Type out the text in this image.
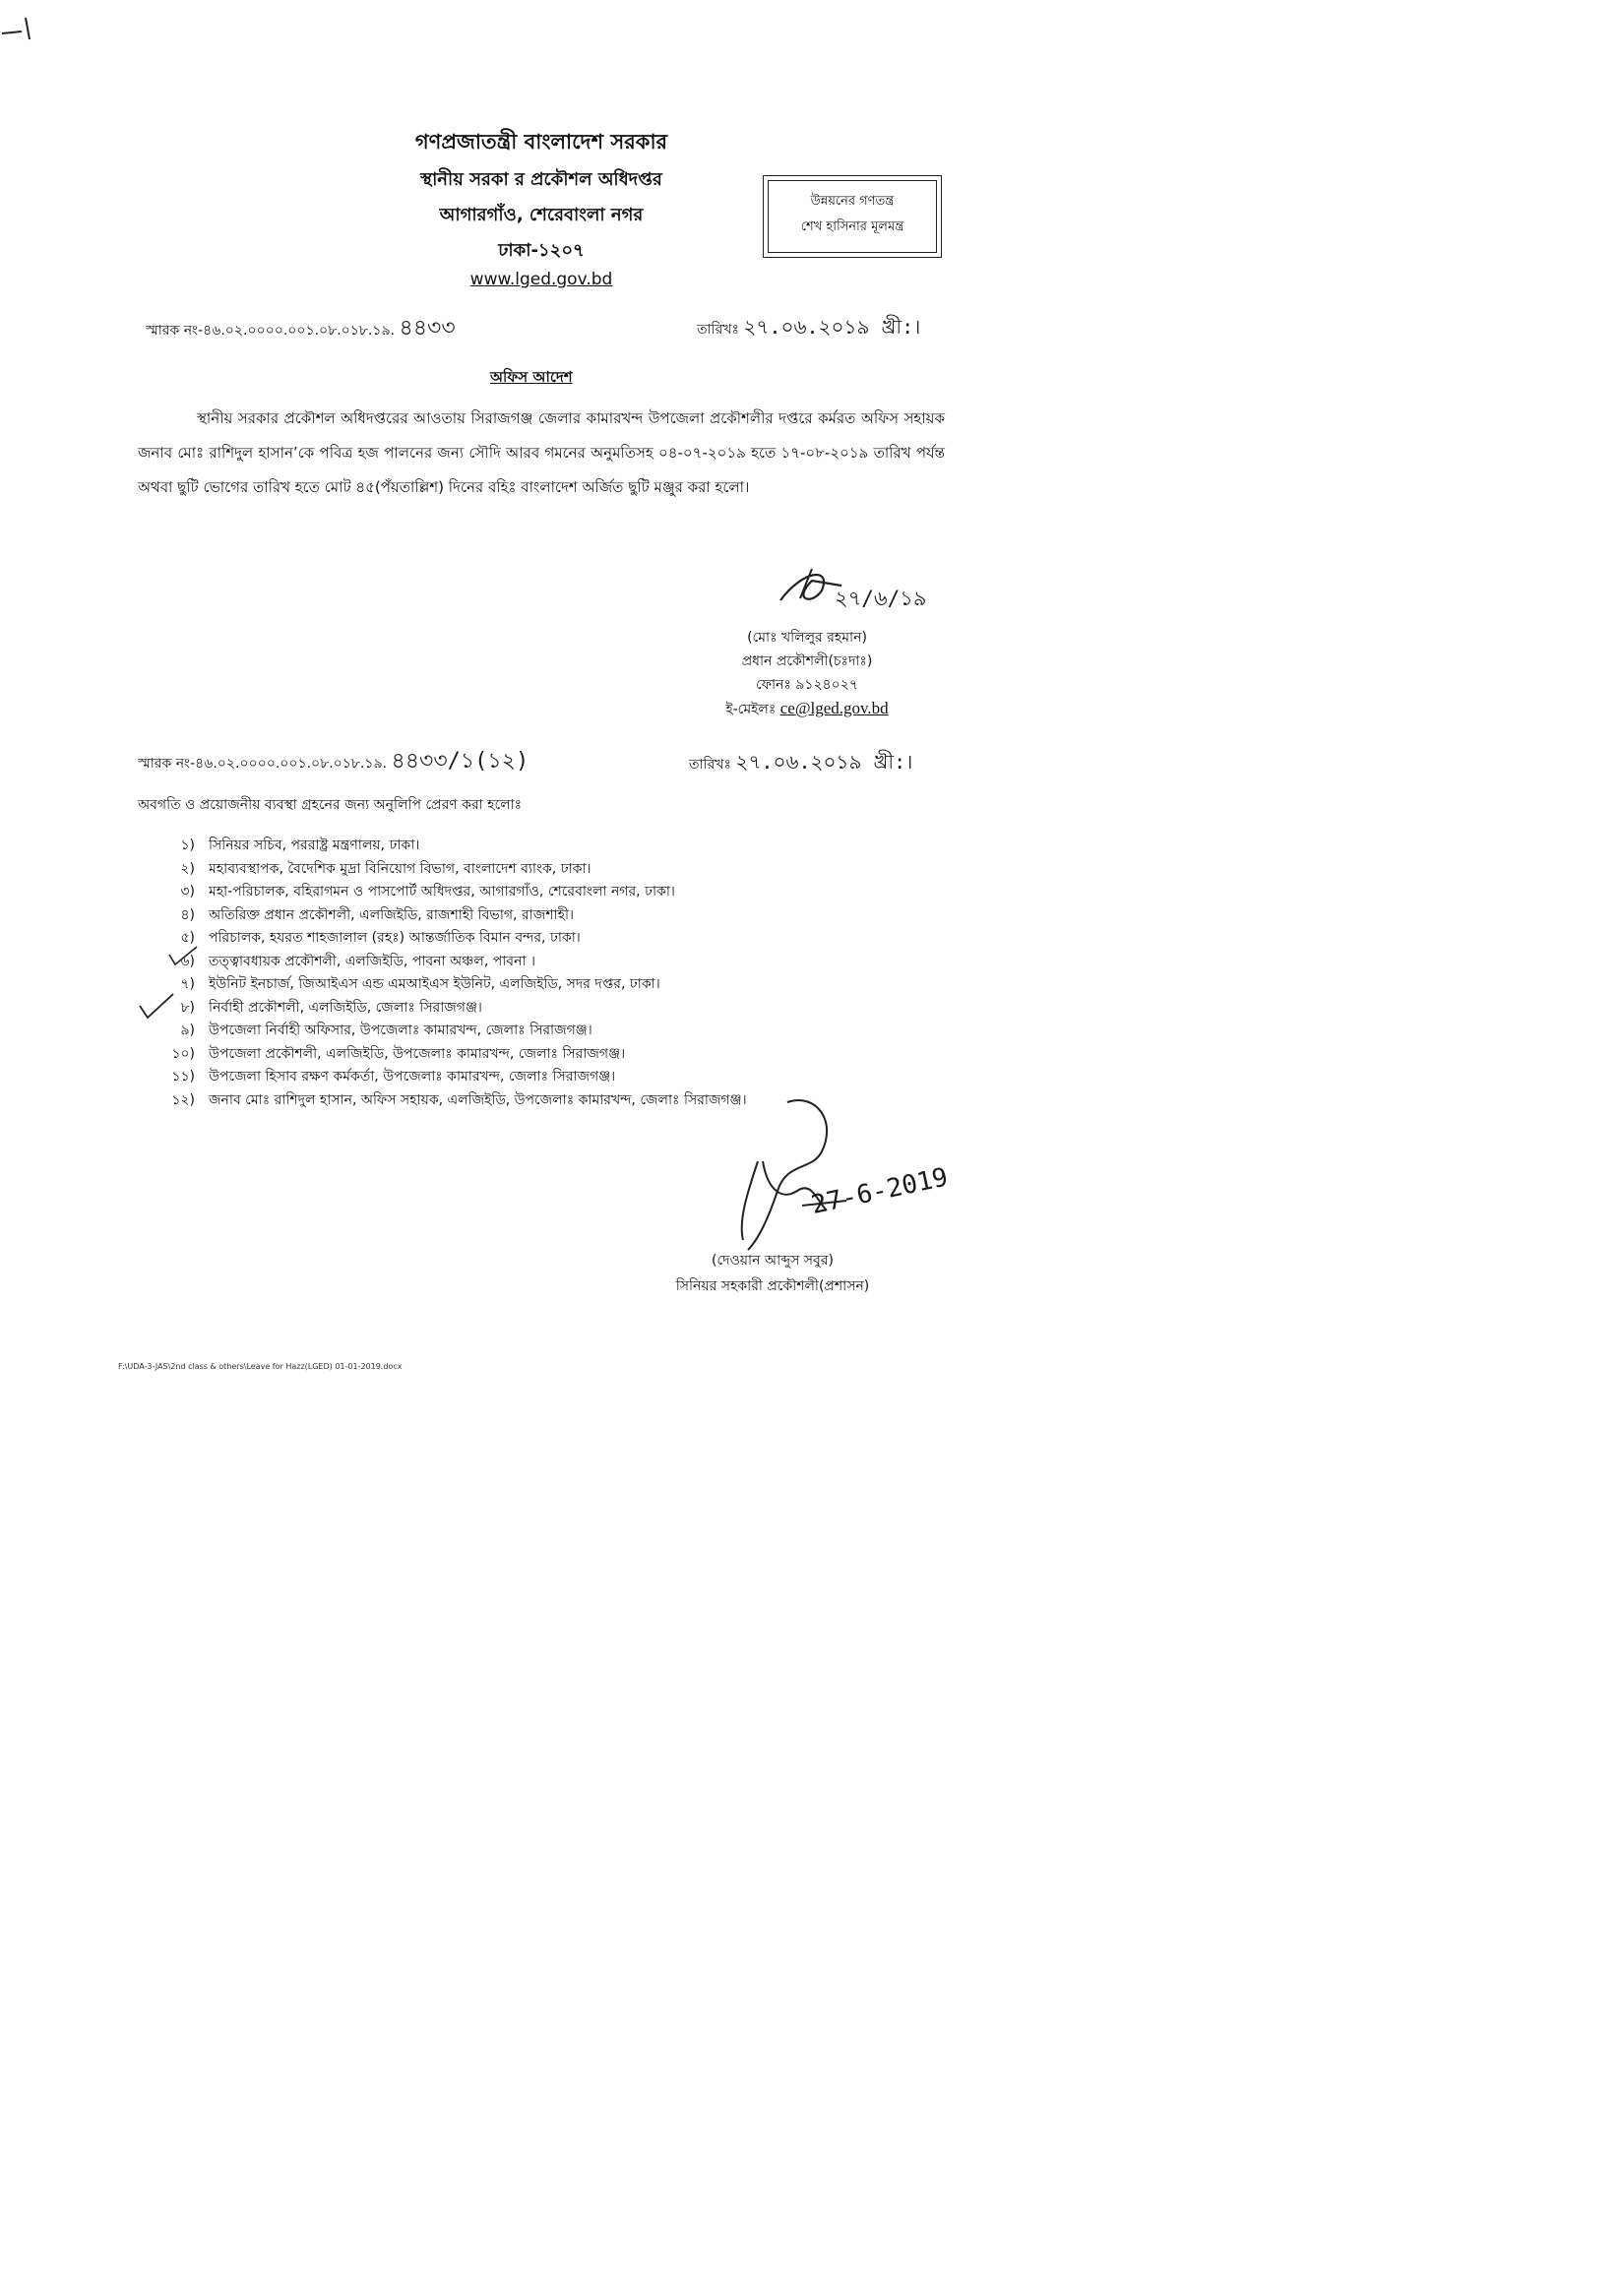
গণপ্রজাতন্ত্রী বাংলাদেশ সরকার
স্থানীয় সরকা র প্রকৌশল অধিদপ্তর
আগারগাঁও, শেরেবাংলা নগর
ঢাকা-১২০৭
www.lged.gov.bd
উন্নয়নের গণতন্ত্র
শেখ হাসিনার মূলমন্ত্র
স্মারক নং-৪৬.০২.০০০০.০০১.০৮.০১৮.১৯. ৪৪৩৩	তারিখঃ ২৭.০৬.২০১৯ খ্রী:।
অফিস আদেশ
স্থানীয় সরকার প্রকৌশল অধিদপ্তরের আওতায় সিরাজগঞ্জ জেলার কামারখন্দ উপজেলা প্রকৌশলীর দপ্তরে কর্মরত অফিস সহায়ক জনাব মোঃ রাশিদুল হাসান’কে পবিত্র হজ পালনের জন্য সৌদি আরব গমনের অনুমতিসহ ০৪-০৭-২০১৯ হতে ১৭-০৮-২০১৯ তারিখ পর্যন্ত অথবা ছুটি ভোগের তারিখ হতে মোট ৪৫(পঁয়তাল্লিশ) দিনের বহিঃ বাংলাদেশ অর্জিত ছুটি মঞ্জুর করা হলো।
২৭/৬/১৯
(মোঃ খলিলুর রহমান)
প্রধান প্রকৌশলী(চঃদাঃ)
ফোনঃ ৯১২৪০২৭
ই-মেইলঃ ce@lged.gov.bd
স্মারক নং-৪৬.০২.০০০০.০০১.০৮.০১৮.১৯. ৪৪৩৩/১(১২)	তারিখঃ ২৭.০৬.২০১৯ খ্রী:।
অবগতি ও প্রয়োজনীয় ব্যবস্থা গ্রহনের জন্য অনুলিপি প্রেরণ করা হলোঃ
১)	সিনিয়র সচিব, পররাষ্ট্র মন্ত্রণালয়, ঢাকা।
২)	মহাব্যবস্থাপক, বৈদেশিক মুদ্রা বিনিয়োগ বিভাগ, বাংলাদেশ ব্যাংক, ঢাকা।
৩)	মহা-পরিচালক, বহিরাগমন ও পাসপোর্ট অধিদপ্তর, আগারগাঁও, শেরেবাংলা নগর, ঢাকা।
৪)	অতিরিক্ত প্রধান প্রকৌশলী, এলজিইডি, রাজশাহী বিভাগ, রাজশাহী।
৫)	পরিচালক, হযরত শাহজালাল (রহঃ) আন্তর্জাতিক বিমান বন্দর, ঢাকা।
৬)	তত্ত্বাবধায়ক প্রকৌশলী, এলজিইডি, পাবনা অঞ্চল, পাবনা ।
৭)	ইউনিট ইনচার্জ, জিআইএস এন্ড এমআইএস ইউনিট, এলজিইডি, সদর দপ্তর, ঢাকা।
৮)	নির্বাহী প্রকৌশলী, এলজিইডি, জেলাঃ সিরাজগঞ্জ।
৯)	উপজেলা নির্বাহী অফিসার, উপজেলাঃ কামারখন্দ, জেলাঃ সিরাজগঞ্জ।
১০)	উপজেলা প্রকৌশলী, এলজিইডি, উপজেলাঃ কামারখন্দ, জেলাঃ সিরাজগঞ্জ।
১১)	উপজেলা হিসাব রক্ষণ কর্মকর্তা, উপজেলাঃ কামারখন্দ, জেলাঃ সিরাজগঞ্জ।
১২)	জনাব মোঃ রাশিদুল হাসান, অফিস সহায়ক, এলজিইডি, উপজেলাঃ কামারখন্দ, জেলাঃ সিরাজগঞ্জ।
27-6-2019
(দেওয়ান আব্দুস সবুর)
সিনিয়র সহকারী প্রকৌশলী(প্রশাসন)
F:\UDA-3-JAS\2nd class & others\Leave for Hazz(LGED) 01-01-2019.docx
